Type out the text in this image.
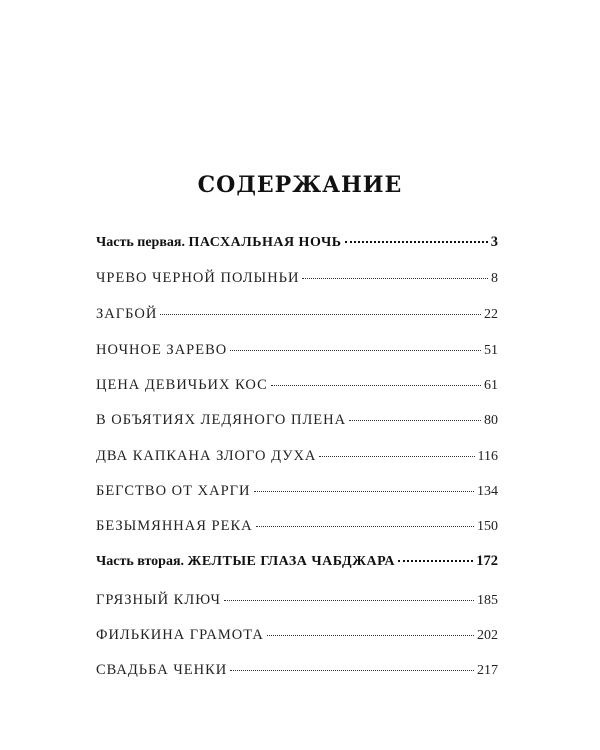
СОДЕРЖАНИЕ
Часть первая. ПАСХАЛЬНАЯ НОЧЬ	3
ЧРЕВО ЧЕРНОЙ ПОЛЫНЬИ	8
ЗАГБОЙ	22
НОЧНОЕ ЗАРЕВО	51
ЦЕНА ДЕВИЧЬИХ КОС	61
В ОБЪЯТИЯХ ЛЕДЯНОГО ПЛЕНА	80
ДВА КАПКАНА ЗЛОГО ДУХА	116
БЕГСТВО ОТ ХАРГИ	134
БЕЗЫМЯННАЯ РЕКА	150
Часть вторая. ЖЕЛТЫЕ ГЛАЗА ЧАБДЖАРА	172
ГРЯЗНЫЙ КЛЮЧ	185
ФИЛЬКИНА ГРАМОТА	202
СВАДЬБА ЧЕНКИ	217
